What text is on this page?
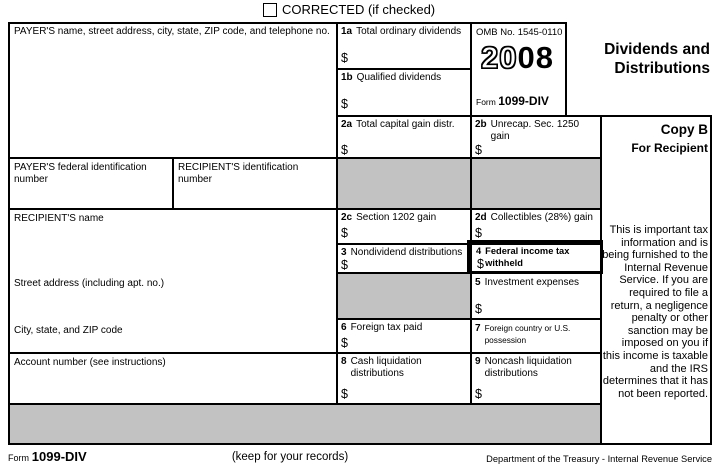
CORRECTED (if checked)
PAYER'S name, street address, city, state, ZIP code, and telephone no. 1a Total ordinary dividends
$
1b Qualified dividends
$
OMB No. 1545-0110
2008
Form 1099-DIV
Dividends and Distributions
2a Total capital gain distr.
$
2b Unrecap. Sec. 1250 gain
$
Copy B
For Recipient
PAYER'S federal identification number
RECIPIENT'S identification number
RECIPIENT'S name
Street address (including apt. no.)
City, state, and ZIP code
2c Section 1202 gain
$
2d Collectibles (28%) gain
$
3 Nondividend distributions
$
4 Federal income tax withheld
$
5 Investment expenses
$
6 Foreign tax paid
$
7 Foreign country or U.S. possession
Account number (see instructions)	8 Cash liquidation distributions
$
9 Noncash liquidation distributions
$
This is important tax information and is being furnished to the Internal Revenue Service. If you are required to file a return, a negligence penalty or other sanction may be imposed on you if this income is taxable and the IRS determines that it has not been reported.
Form 1099-DIV	(keep for your records)	Department of the Treasury - Internal Revenue Service
